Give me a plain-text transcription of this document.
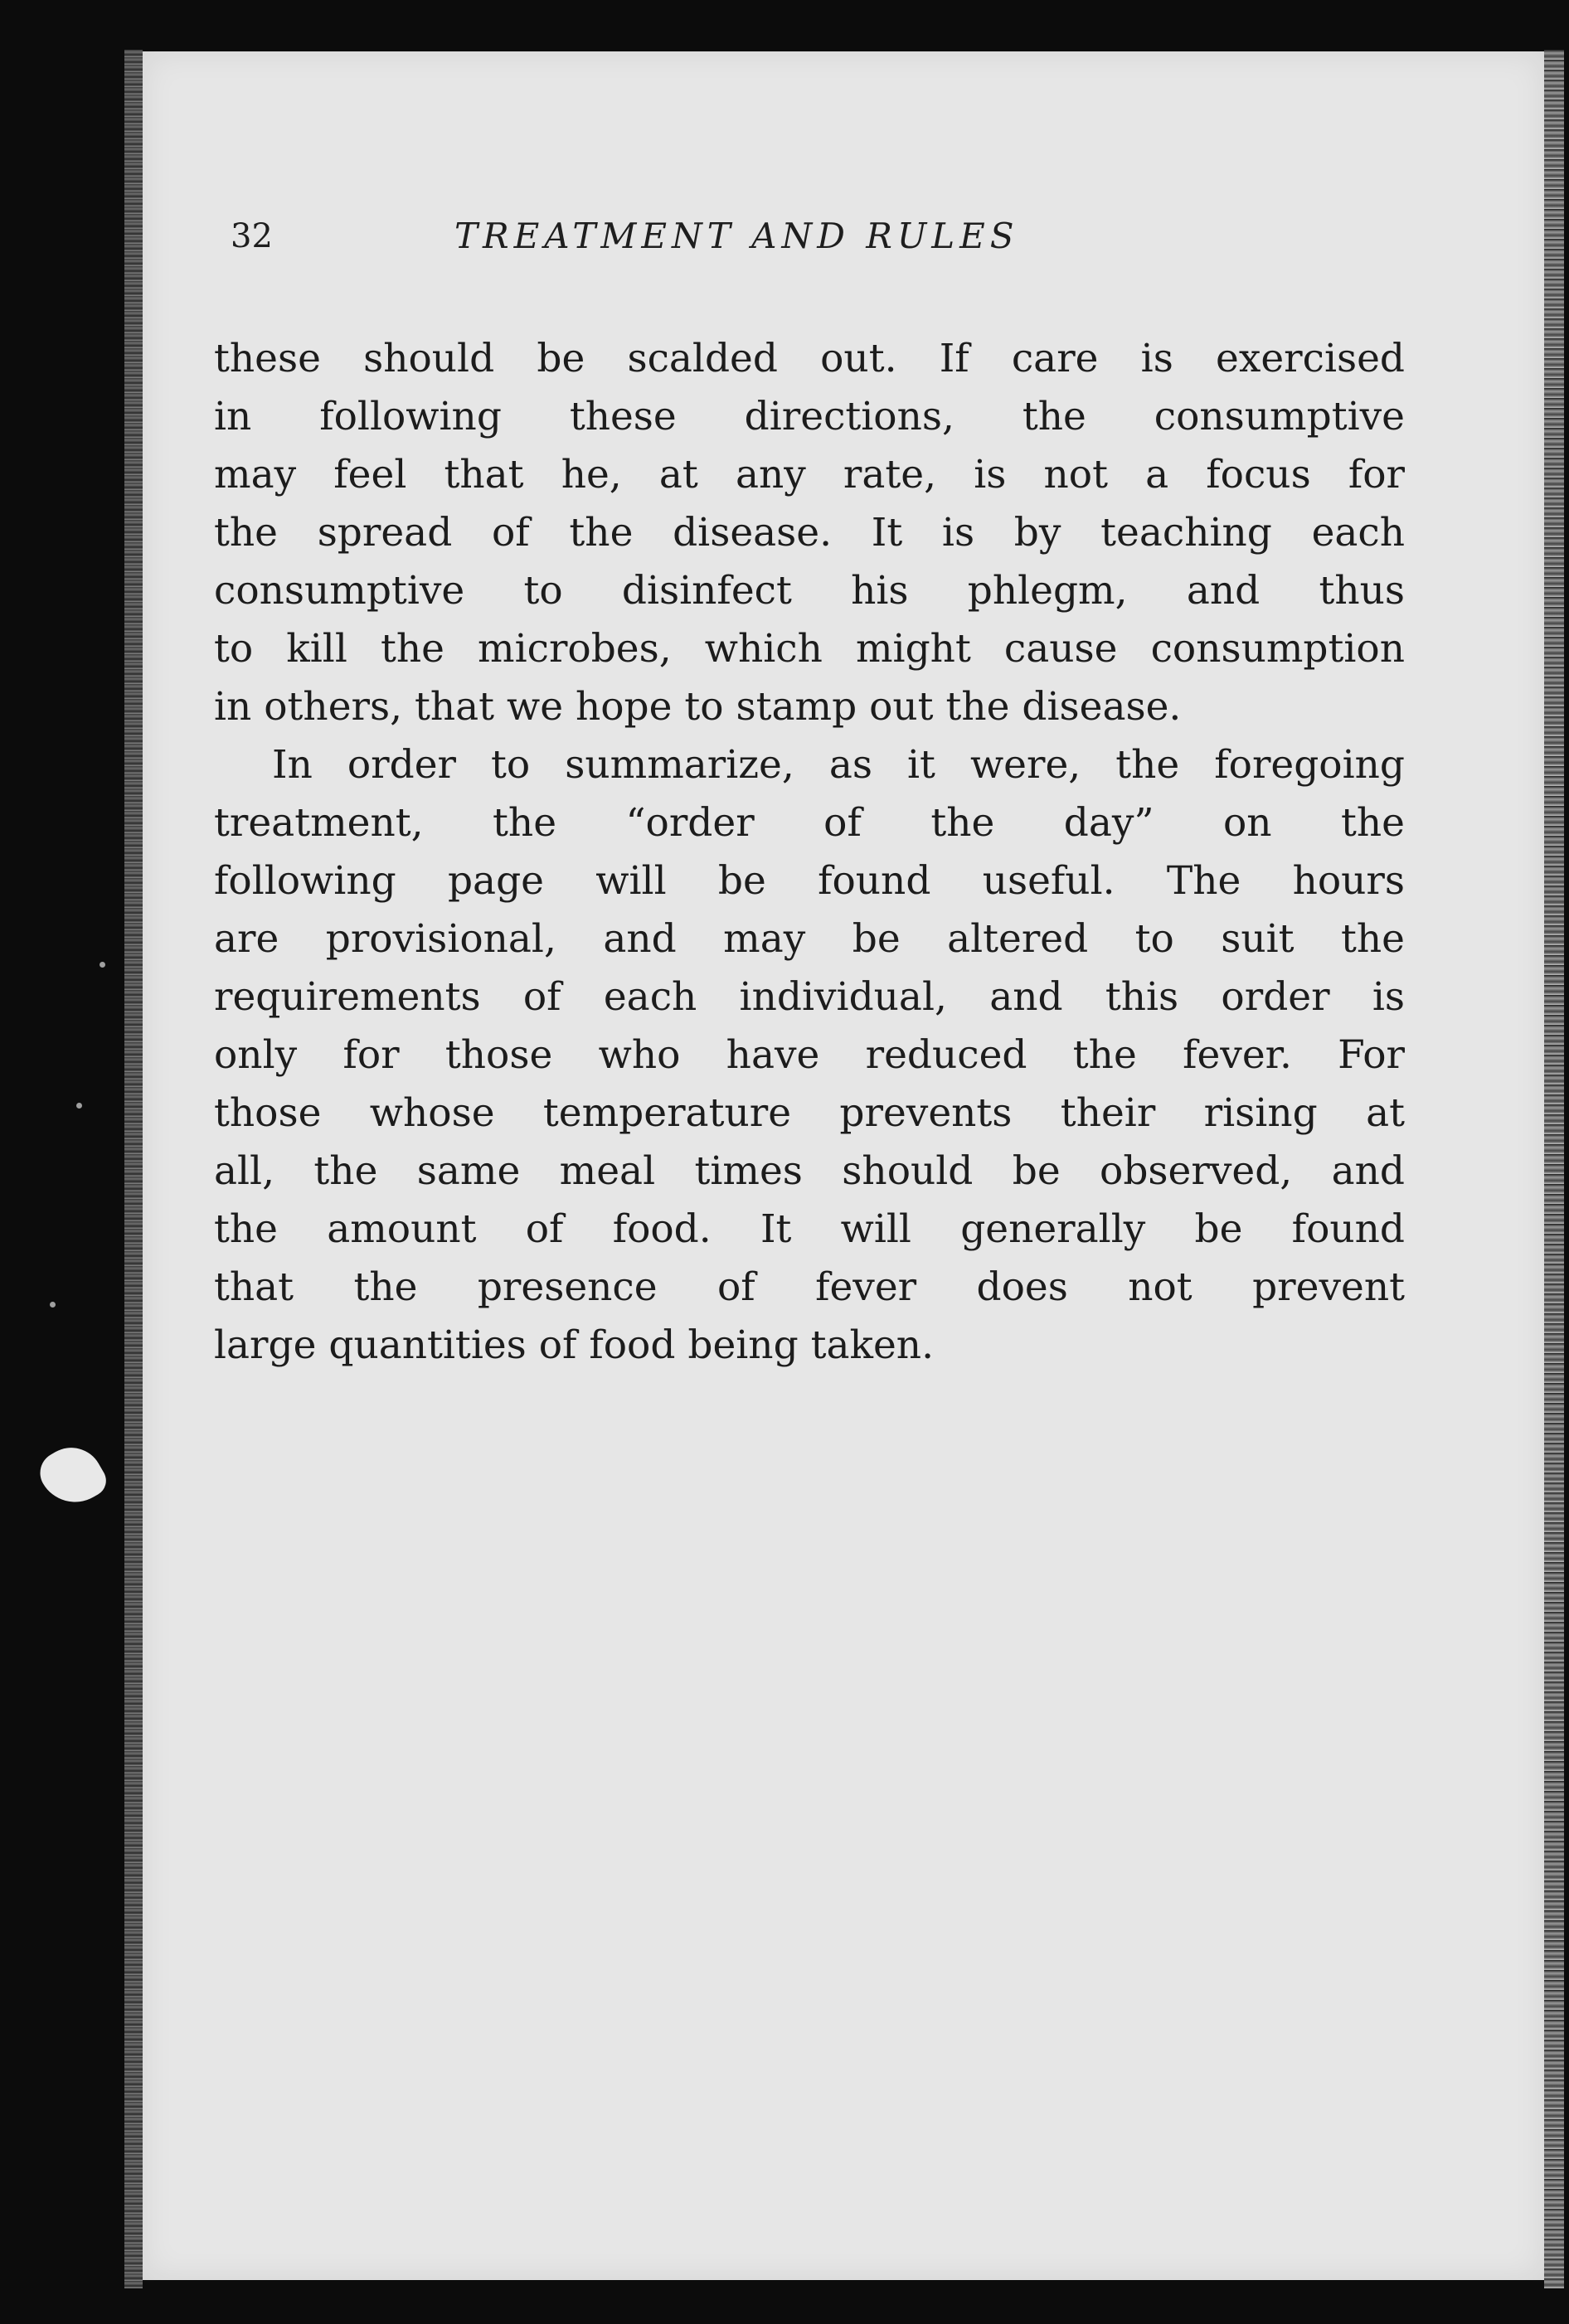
32	TREATMENT AND RULES
these should be scalded out. If care is exercised
in following these directions, the consumptive
may feel that he, at any rate, is not a focus for
the spread of the disease. It is by teaching each
consumptive to disinfect his phlegm, and thus
to kill the microbes, which might cause consumption
in others, that we hope to stamp out the disease.
In order to summarize, as it were, the foregoing
treatment, the “order of the day” on the
following page will be found useful. The hours
are provisional, and may be altered to suit the
requirements of each individual, and this order is
only for those who have reduced the fever. For
those whose temperature prevents their rising at
all, the same meal times should be observed, and
the amount of food. It will generally be found
that the presence of fever does not prevent
large quantities of food being taken.
